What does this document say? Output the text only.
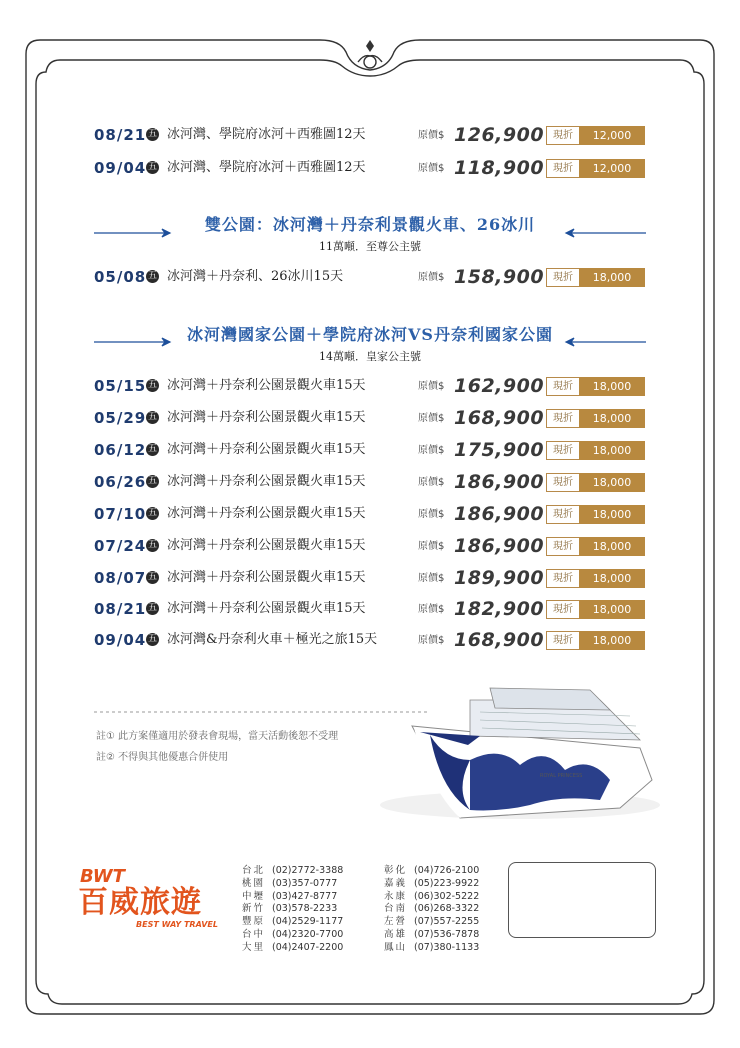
08/21 五 冰河灣、學院府冰河＋西雅圖12天	原價$ 126,900 現折	12,000
09/04 五 冰河灣、學院府冰河＋西雅圖12天	原價$ 118,900 現折	12,000
雙公園：冰河灣＋丹奈利景觀火車、26冰川
11萬噸．至尊公主號
05/08 五 冰河灣＋丹奈利、26冰川15天	原價$ 158,900 現折	18,000
冰河灣國家公園＋學院府冰河VS丹奈利國家公園
14萬噸．皇家公主號
05/15 五 冰河灣＋丹奈利公園景觀火車15天	原價$ 162,900 現折	18,000
05/29 五 冰河灣＋丹奈利公園景觀火車15天	原價$ 168,900 現折	18,000
06/12 五 冰河灣＋丹奈利公園景觀火車15天	原價$ 175,900 現折	18,000
06/26 五 冰河灣＋丹奈利公園景觀火車15天	原價$ 186,900 現折	18,000
07/10 五 冰河灣＋丹奈利公園景觀火車15天	原價$ 186,900 現折	18,000
07/24 五 冰河灣＋丹奈利公園景觀火車15天	原價$ 186,900 現折	18,000
08/07 五 冰河灣＋丹奈利公園景觀火車15天	原價$ 189,900 現折	18,000
08/21 五 冰河灣＋丹奈利公園景觀火車15天	原價$ 182,900 現折	18,000
09/04 五 冰河灣&丹奈利火車＋極光之旅15天	原價$ 168,900 現折	18,000
註① 此方案僅適用於發表會現場，當天活動後恕不受理
註② 不得與其他優惠合併使用
ROYAL PRINCESS
BWT
百威旅遊
BEST WAY TRAVEL
台北 (02)2772-3388
桃園 (03)357-0777
中壢 (03)427-8777
新竹 (03)578-2233
豐原 (04)2529-1177
台中 (04)2320-7700
大里 (04)2407-2200
彰化 (04)726-2100
嘉義 (05)223-9922
永康 (06)302-5222
台南 (06)268-3322
左營 (07)557-2255
高雄 (07)536-7878
鳳山 (07)380-1133
